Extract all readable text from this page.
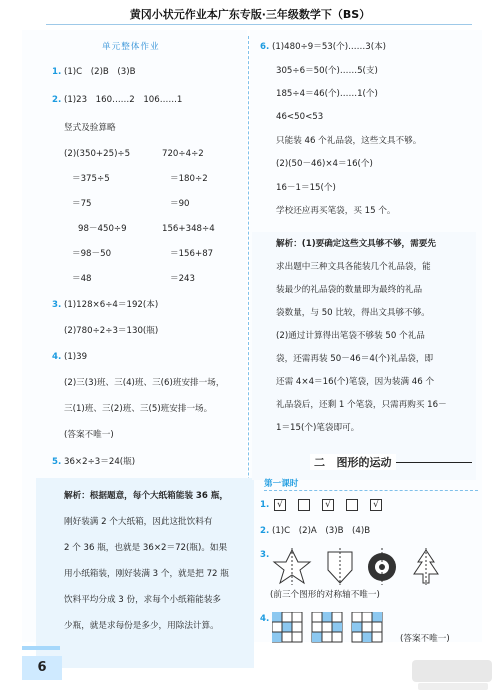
黄冈小状元作业本广东专版·三年级数学下（BS）
单元整体作业
1. (1)C　(2)B　(3)B
2. (1)23　160……2　106……1
竖式及验算略
(2)(350+25)÷5	720÷4÷2
＝375÷5	＝180÷2
＝75	＝90
98－450÷9	156+348÷4
＝98－50	＝156+87
＝48	＝243
3. (1)128×6÷4＝192(本)
(2)780÷2÷3＝130(瓶)
4. (1)39
(2)三(3)班、三(4)班、三(6)班安排一场，
三(1)班、三(2)班、三(5)班安排一场。
(答案不唯一)
5. 36×2÷3＝24(瓶)
解析：根据题意，每个大纸箱能装 36 瓶，
刚好装满 2 个大纸箱，因此这批饮料有
2 个 36 瓶，也就是 36×2＝72(瓶)。如果
用小纸箱装，刚好装满 3 个，就是把 72 瓶
饮料平均分成 3 份，求每个小纸箱能装多
少瓶，就是求每份是多少，用除法计算。
6. (1)480÷9＝53(个)……3(本)
305÷6＝50(个)……5(支)
185÷4＝46(个)……1(个)
46<50<53
只能装 46 个礼品袋，这些文具不够。
(2)(50－46)×4＝16(个)
16－1＝15(个)
学校还应再买笔袋，买 15 个。
解析：(1)要确定这些文具够不够，需要先
求出题中三种文具各能装几个礼品袋，能
装最少的礼品袋的数量即为最终的礼品
袋数量，与 50 比较，得出文具够不够。
(2)通过计算得出笔袋不够装 50 个礼品
袋，还需再装 50－46＝4(个)礼品袋，即
还需 4×4＝16(个)笔袋，因为装满 46 个
礼品袋后，还剩 1 个笔袋，只需再购买 16－
1＝15(个)笔袋即可。
二 图形的运动
第一课时
1. √	√	√
2. (1)C　(2)A　(3)B　(4)B
3.
(前三个图形的对称轴不唯一)
4.
(答案不唯一)
6
